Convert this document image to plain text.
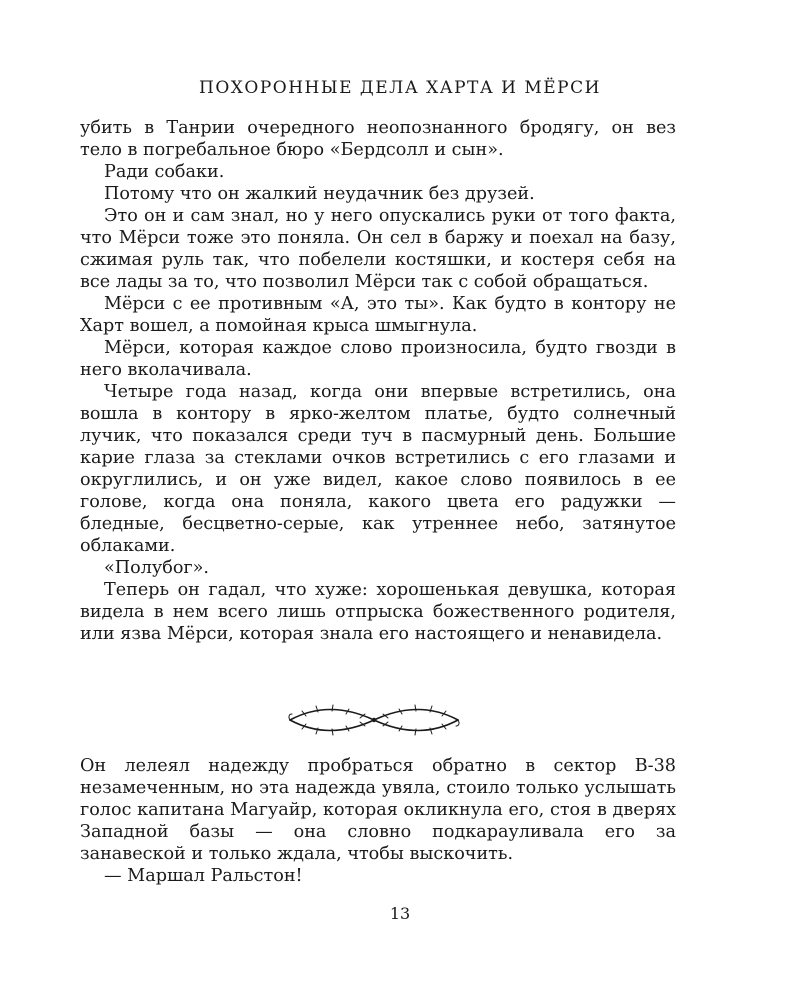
ПОХОРОННЫЕ ДЕЛА ХАРТА И МЁРСИ

убить в Танрии очередного неопознанного бродягу, он вез тело в погребальное бюро «Бердсолл и сын».

Ради собаки.

Потому что он жалкий неудачник без друзей.

Это он и сам знал, но у него опускались руки от того факта, что Мёрси тоже это поняла. Он сел в баржу и поехал на базу, сжимая руль так, что побелели костяшки, и костеря себя на все лады за то, что позволил Мёрси так с собой обращаться.

Мёрси с ее противным «А, это ты». Как будто в контору не Харт вошел, а помойная крыса шмыгнула.

Мёрси, которая каждое слово произносила, будто гвозди в него вколачивала.

Четыре года назад, когда они впервые встретились, она вошла в контору в ярко-желтом платье, будто солнечный лучик, что показался среди туч в пасмурный день. Большие карие глаза за стеклами очков встретились с его глазами и округлились, и он уже видел, какое слово появилось в ее голове, когда она поняла, какого цвета его радужки — бледные, бесцветно-серые, как утреннее небо, затянутое облаками.

«Полубог».

Теперь он гадал, что хуже: хорошенькая девушка, которая видела в нем всего лишь отпрыска божественного родителя, или язва Мёрси, которая знала его настоящего и ненавидела.

Он лелеял надежду пробраться обратно в сектор В-38 незамеченным, но эта надежда увяла, стоило только услышать голос капитана Магуайр, которая окликнула его, стоя в дверях Западной базы — она словно подкарауливала его за занавеской и только ждала, чтобы выскочить.

— Маршал Ральстон!

13
